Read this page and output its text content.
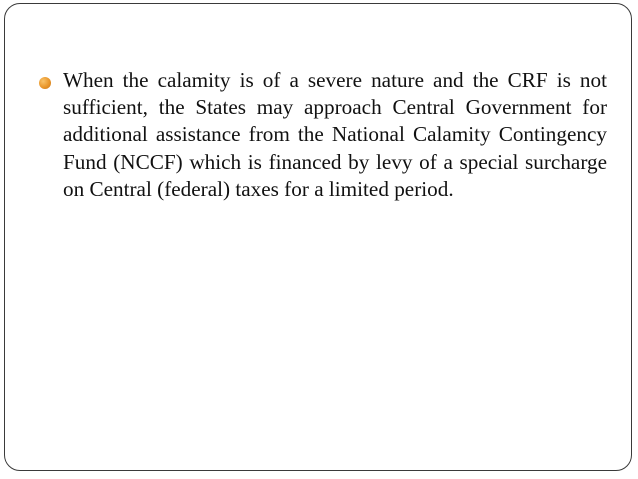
When the calamity is of a severe nature and the CRF is not sufficient, the States may approach Central Government for additional assistance from the National Calamity Contingency Fund (NCCF) which is financed by levy of a special surcharge on Central (federal) taxes for a limited period.
